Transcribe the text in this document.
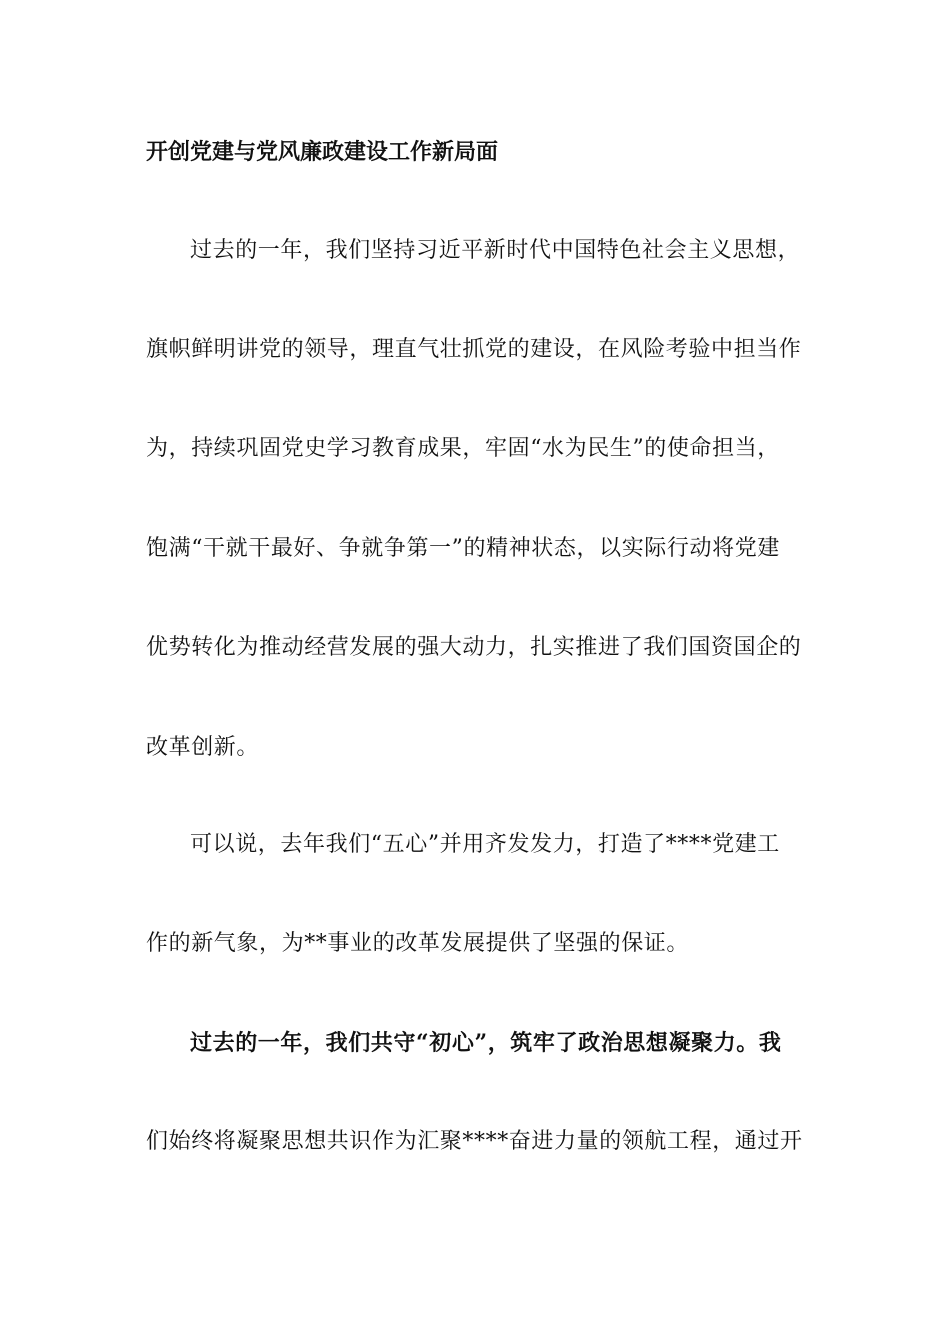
开创党建与党风廉政建设工作新局面
过去的一年，我们坚持习近平新时代中国特色社会主义思想，
旗帜鲜明讲党的领导，理直气壮抓党的建设，在风险考验中担当作
为，持续巩固党史学习教育成果，牢固“水为民生”的使命担当，
饱满“干就干最好、争就争第一”的精神状态，以实际行动将党建
优势转化为推动经营发展的强大动力，扎实推进了我们国资国企的
改革创新。
可以说，去年我们“五心”并用齐发发力，打造了****党建工
作的新气象，为**事业的改革发展提供了坚强的保证。
过去的一年，我们共守“初心”，筑牢了政治思想凝聚力。我
们始终将凝聚思想共识作为汇聚****奋进力量的领航工程，通过开
